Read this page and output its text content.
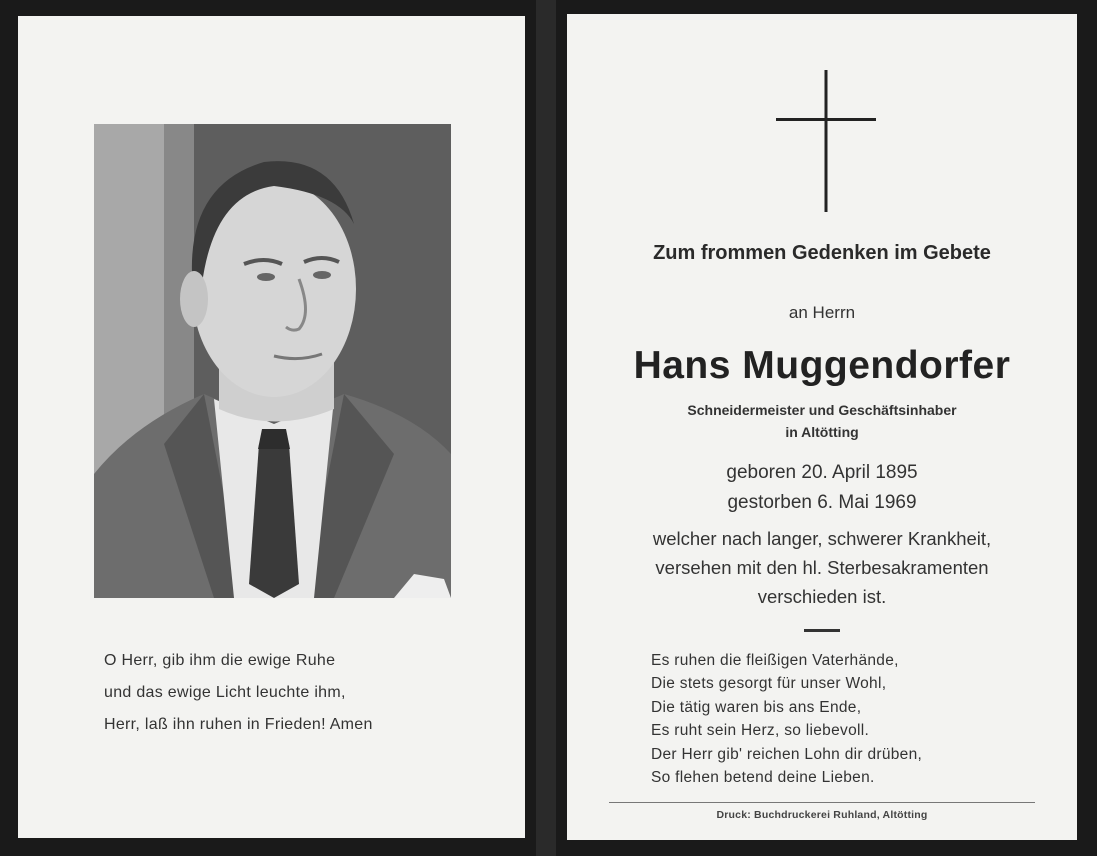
O Herr, gib ihm die ewige Ruhe
und das ewige Licht leuchte ihm,
Herr, laß ihn ruhen in Frieden! Amen
Zum frommen Gedenken im Gebete
an Herrn
Hans Muggendorfer
Schneidermeister und Geschäftsinhaber
in Altötting
geboren 20. April 1895
gestorben 6. Mai 1969
welcher nach langer, schwerer Krankheit,
versehen mit den hl. Sterbesakramenten
verschieden ist.
Es ruhen die fleißigen Vaterhände,
Die stets gesorgt für unser Wohl,
Die tätig waren bis ans Ende,
Es ruht sein Herz, so liebevoll.
Der Herr gib' reichen Lohn dir drüben,
So flehen betend deine Lieben.
Druck: Buchdruckerei Ruhland, Altötting
